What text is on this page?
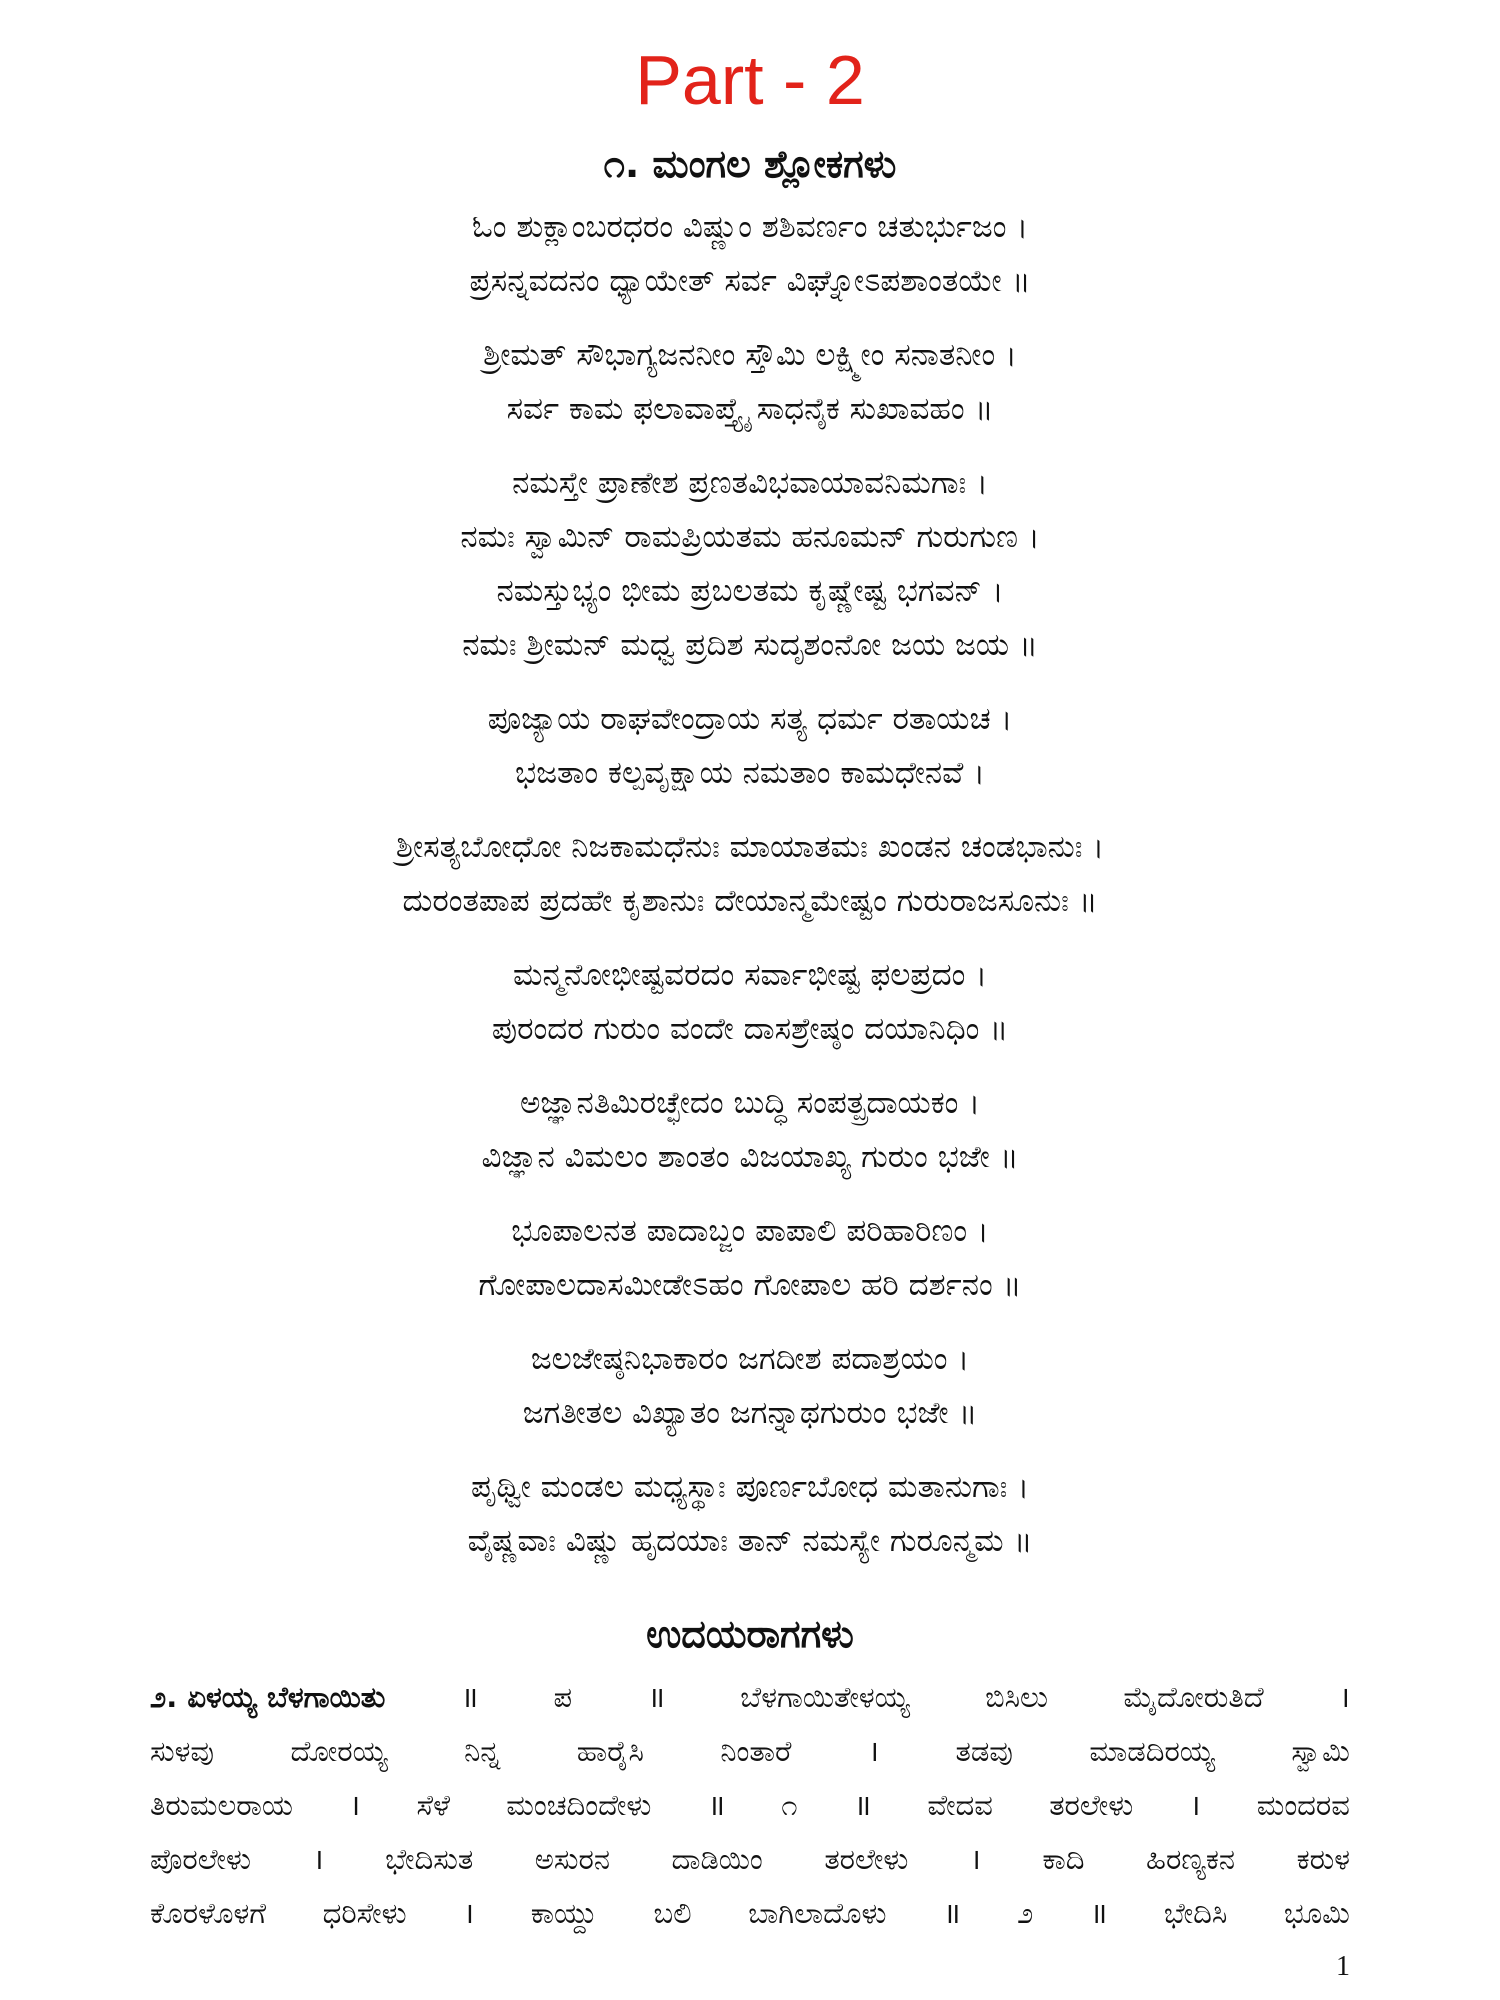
Part - 2
೧. ಮಂಗಲ ಶ್ಲೋಕಗಳು
ಓಂ ಶುಕ್ಲಾಂಬರಧರಂ ವಿಷ್ಣುಂ ಶಶಿವರ್ಣಂ ಚತುರ್ಭುಜಂ ।
ಪ್ರಸನ್ನವದನಂ ಧ್ಯಾಯೇತ್ ಸರ್ವ ವಿಘ್ನೋಽಪಶಾಂತಯೇ ॥
ಶ್ರೀಮತ್ ಸೌಭಾಗ್ಯಜನನೀಂ ಸ್ತೌಮಿ ಲಕ್ಷ್ಮೀಂ ಸನಾತನೀಂ ।
ಸರ್ವ ಕಾಮ ಫಲಾವಾಪ್ತ್ಯೈ ಸಾಧನೈಕ ಸುಖಾವಹಂ ॥
ನಮಸ್ತೇ ಪ್ರಾಣೇಶ ಪ್ರಣತವಿಭವಾಯಾವನಿಮಗಾಃ ।
ನಮಃ ಸ್ವಾಮಿನ್ ರಾಮಪ್ರಿಯತಮ ಹನೂಮನ್ ಗುರುಗುಣ ।
ನಮಸ್ತುಭ್ಯಂ ಭೀಮ ಪ್ರಬಲತಮ ಕೃಷ್ಣೇಷ್ಟ ಭಗವನ್ ।
ನಮಃ ಶ್ರೀಮನ್ ಮಧ್ವ ಪ್ರದಿಶ ಸುದೃಶಂನೋ ಜಯ ಜಯ ॥
ಪೂಜ್ಯಾಯ ರಾಘವೇಂದ್ರಾಯ ಸತ್ಯ ಧರ್ಮ ರತಾಯಚ ।
ಭಜತಾಂ ಕಲ್ಪವೃಕ್ಷಾಯ ನಮತಾಂ ಕಾಮಧೇನವೆ ।
ಶ್ರೀಸತ್ಯಬೋಧೋ ನಿಜಕಾಮಧೆನುಃ ಮಾಯಾತಮಃ ಖಂಡನ ಚಂಡಭಾನುಃ ।
ದುರಂತಪಾಪ ಪ್ರದಹೇ ಕೃಶಾನುಃ ದೇಯಾನ್ಮಮೇಷ್ಟಂ ಗುರುರಾಜಸೂನುಃ ॥
ಮನ್ಮನೋಭೀಷ್ಟವರದಂ ಸರ್ವಾಭೀಷ್ಟ ಫಲಪ್ರದಂ ।
ಪುರಂದರ ಗುರುಂ ವಂದೇ ದಾಸಶ್ರೇಷ್ಠಂ ದಯಾನಿಧಿಂ ॥
ಅಜ್ಞಾನತಿಮಿರಚ್ಛೇದಂ ಬುದ್ಧಿ ಸಂಪತ್ಪ್ರದಾಯಕಂ ।
ವಿಜ್ಞಾನ ವಿಮಲಂ ಶಾಂತಂ ವಿಜಯಾಖ್ಯ ಗುರುಂ ಭಜೇ ॥
ಭೂಪಾಲನತ ಪಾದಾಬ್ಜಂ ಪಾಪಾಲಿ ಪರಿಹಾರಿಣಂ ।
ಗೋಪಾಲದಾಸಮೀಡೇಽಹಂ ಗೋಪಾಲ ಹರಿ ದರ್ಶನಂ ॥
ಜಲಜೇಷ್ಠನಿಭಾಕಾರಂ ಜಗದೀಶ ಪದಾಶ್ರಯಂ ।
ಜಗತೀತಲ ವಿಖ್ಯಾತಂ ಜಗನ್ನಾಥಗುರುಂ ಭಜೇ ॥
ಪೃಥ್ವೀ ಮಂಡಲ ಮಧ್ಯಸ್ಥಾಃ ಪೂರ್ಣಬೋಧ ಮತಾನುಗಾಃ ।
ವೈಷ್ಣವಾಃ ವಿಷ್ಣು ಹೃದಯಾಃ ತಾನ್ ನಮಸ್ಯೇ ಗುರೂನ್ಮಮ ॥
ಉದಯರಾಗಗಳು
೨. ಏಳಯ್ಯ ಬೆಳಗಾಯಿತು	॥	ಪ	॥	ಬೆಳಗಾಯಿತೇಳಯ್ಯ	ಬಿಸಿಲು	ಮೈದೋರುತಿದೆ	।
ಸುಳವು	ದೋರಯ್ಯ	ನಿನ್ನ	ಹಾರೈಸಿ	ನಿಂತಾರೆ	।	ತಡವು	ಮಾಡದಿರಯ್ಯ	ಸ್ವಾಮಿ
ತಿರುಮಲರಾಯ । ಸೆಳೆ ಮಂಚದಿಂದೇಳು ॥ ೧ ॥ ವೇದವ ತರಲೇಳು । ಮಂದರವ
ಪೊರಲೇಳು । ಭೇದಿಸುತ ಅಸುರನ ದಾಡಿಯಿಂ ತರಲೇಳು । ಕಾದಿ ಹಿರಣ್ಯಕನ ಕರುಳ
ಕೊರಳೊಳಗೆ ಧರಿಸೇಳು । ಕಾಯ್ದು ಬಲಿ ಬಾಗಿಲಾದೊಳು ॥ ೨ ॥ ಭೇದಿಸಿ ಭೂಮಿ
1
